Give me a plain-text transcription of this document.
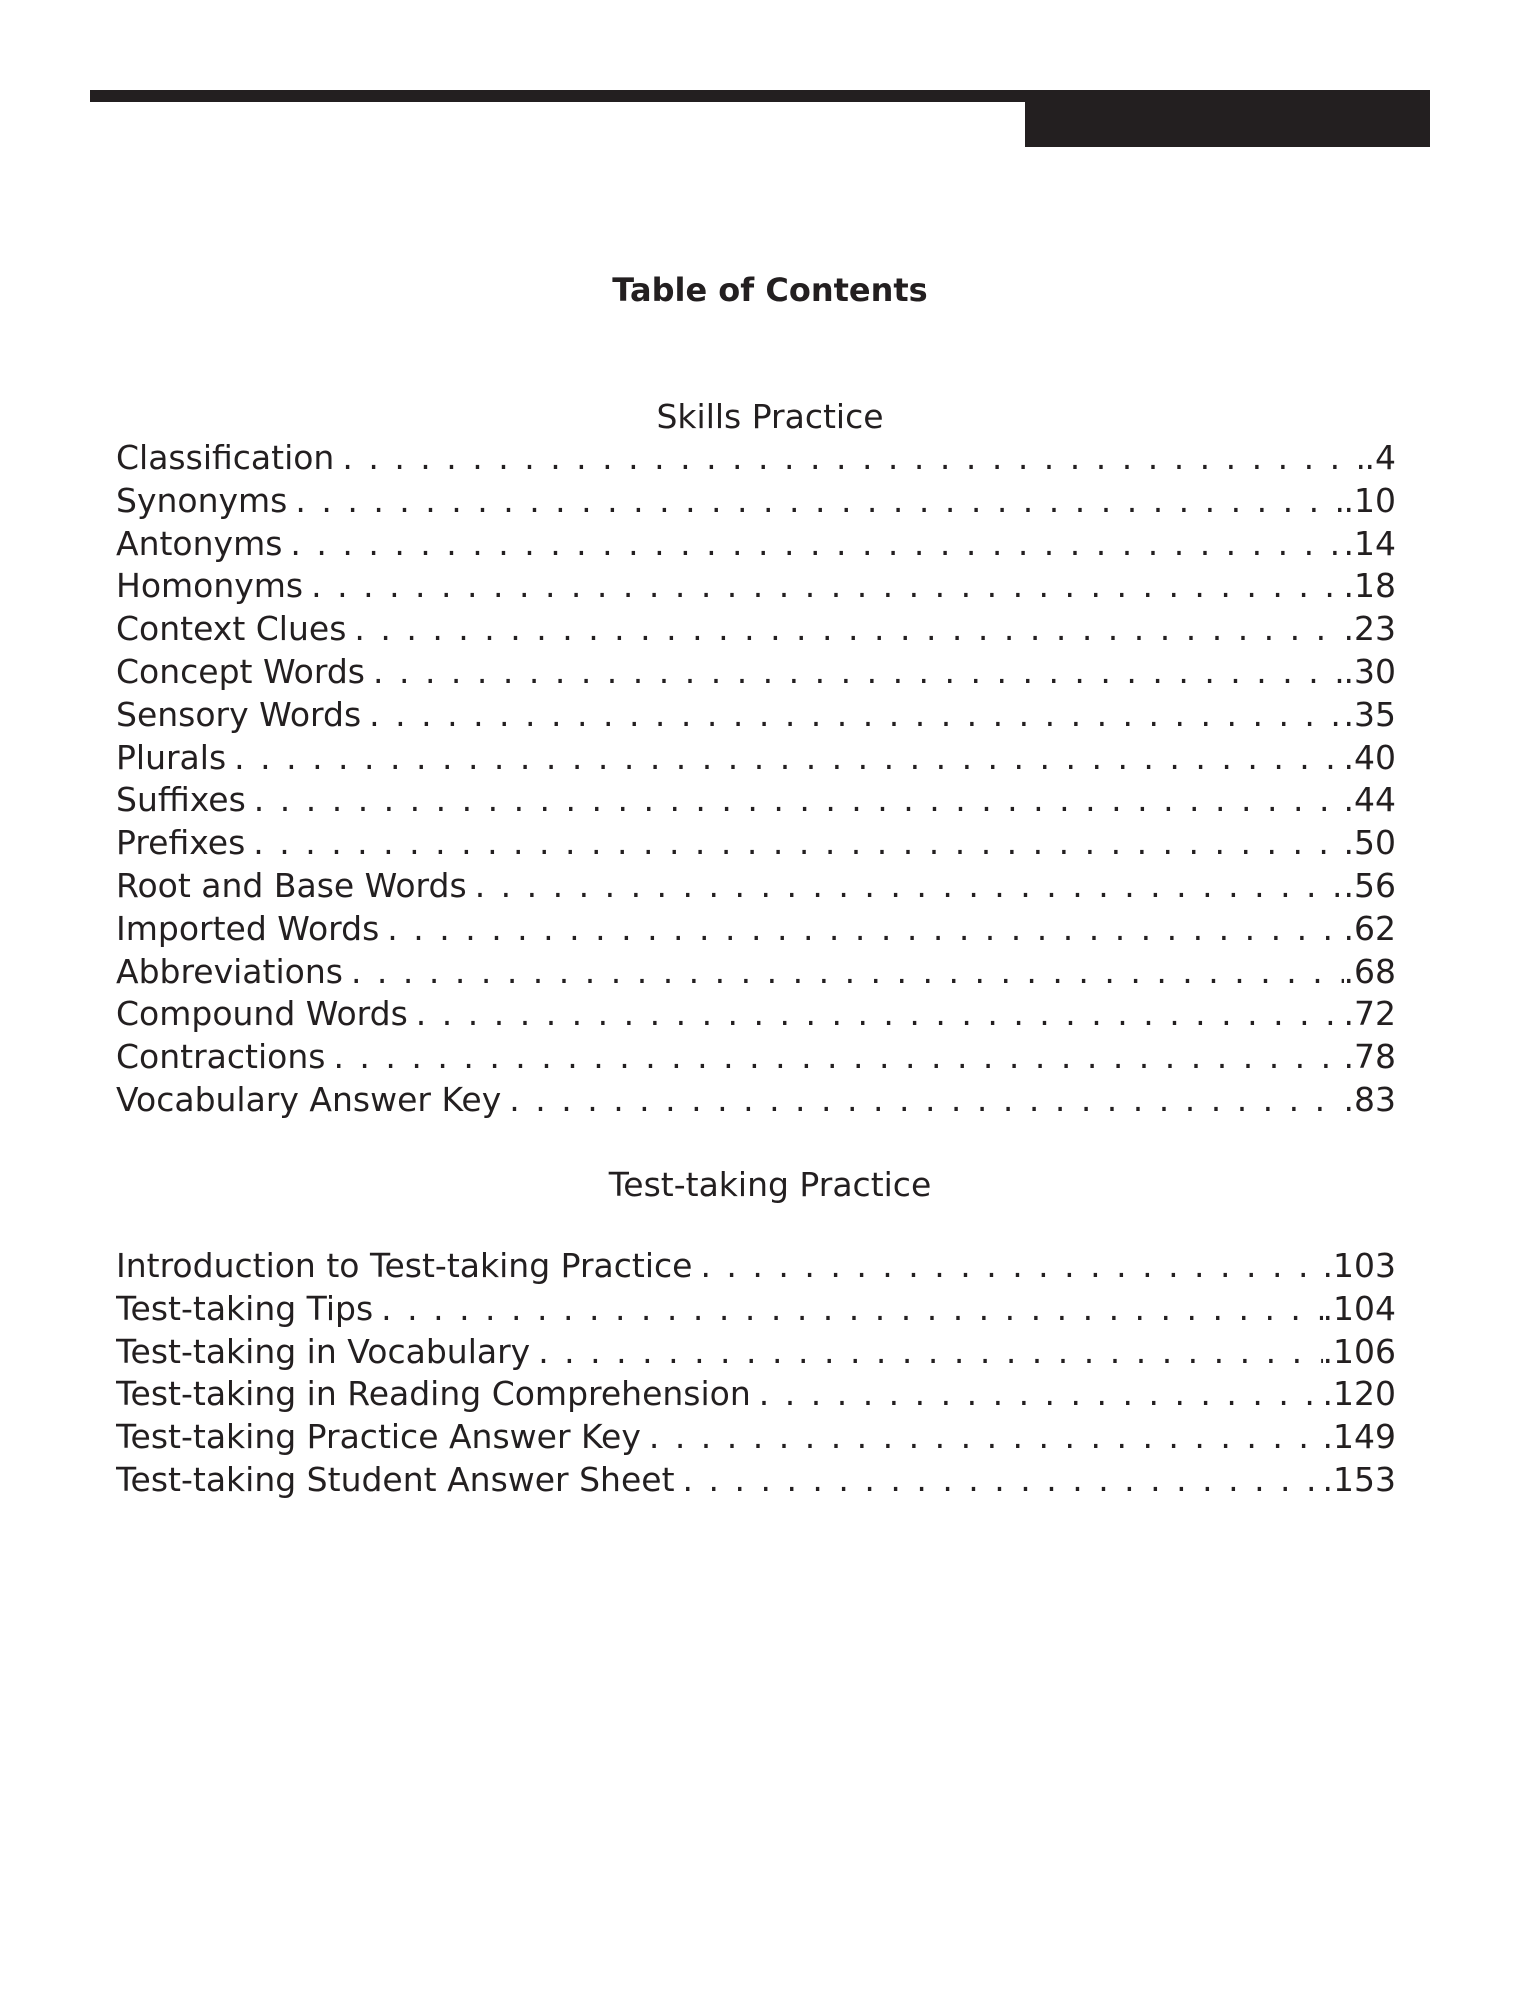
Table of Contents
Skills Practice
Classification . . .	.4
Synonyms . . .	.10
Antonyms . . .	.14
Homonyms . . .	.18
Context Clues . . .	.23
Concept Words . . .	.30
Sensory Words . . .	.35
Plurals . . .	.40
Suffixes . . .	.44
Prefixes . . .	.50
Root and Base Words . . .	.56
Imported Words . . .	.62
Abbreviations . . .	.68
Compound Words . . .	.72
Contractions . . .	.78
Vocabulary Answer Key . . .	.83
Test-taking Practice
Introduction to Test-taking Practice . . .	.103
Test-taking Tips . . .	.104
Test-taking in Vocabulary . . .	.106
Test-taking in Reading Comprehension . . .	.120
Test-taking Practice Answer Key . . .	.149
Test-taking Student Answer Sheet . . .	.153
